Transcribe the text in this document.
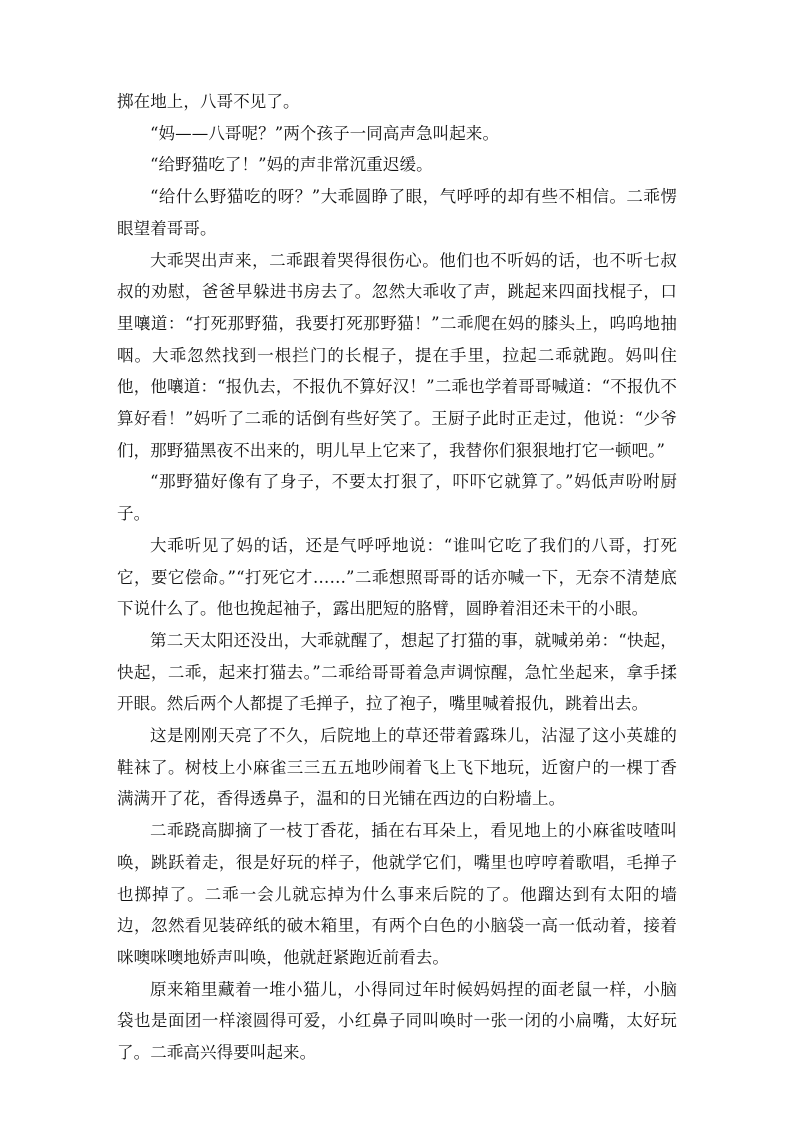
掷在地上，八哥不见了。

“妈——八哥呢？”两个孩子一同高声急叫起来。

“给野猫吃了！”妈的声非常沉重迟缓。

“给什么野猫吃的呀？”大乖圆睁了眼，气呼呼的却有些不相信。二乖愣眼望着哥哥。

大乖哭出声来，二乖跟着哭得很伤心。他们也不听妈的话，也不听七叔叔的劝慰，爸爸早躲进书房去了。忽然大乖收了声，跳起来四面找棍子，口里嚷道：“打死那野猫，我要打死那野猫！”二乖爬在妈的膝头上，呜呜地抽咽。大乖忽然找到一根拦门的长棍子，提在手里，拉起二乖就跑。妈叫住他，他嚷道：“报仇去，不报仇不算好汉！”二乖也学着哥哥喊道：“不报仇不算好看！”妈听了二乖的话倒有些好笑了。王厨子此时正走过，他说：“少爷们，那野猫黑夜不出来的，明儿早上它来了，我替你们狠狠地打它一顿吧。”

“那野猫好像有了身子，不要太打狠了，吓吓它就算了。”妈低声吩咐厨子。

大乖听见了妈的话，还是气呼呼地说：“谁叫它吃了我们的八哥，打死它，要它偿命。”“打死它才……”二乖想照哥哥的话亦喊一下，无奈不清楚底下说什么了。他也挽起袖子，露出肥短的胳臂，圆睁着泪还未干的小眼。

第二天太阳还没出，大乖就醒了，想起了打猫的事，就喊弟弟：“快起，快起，二乖，起来打猫去。”二乖给哥哥着急声调惊醒，急忙坐起来，拿手揉开眼。然后两个人都提了毛掸子，拉了袍子，嘴里喊着报仇，跳着出去。

这是刚刚天亮了不久，后院地上的草还带着露珠儿，沾湿了这小英雄的鞋袜了。树枝上小麻雀三三五五地吵闹着飞上飞下地玩，近窗户的一棵丁香满满开了花，香得透鼻子，温和的日光铺在西边的白粉墙上。

二乖跷高脚摘了一枝丁香花，插在右耳朵上，看见地上的小麻雀吱喳叫唤，跳跃着走，很是好玩的样子，他就学它们，嘴里也哼哼着歌唱，毛掸子也掷掉了。二乖一会儿就忘掉为什么事来后院的了。他蹓达到有太阳的墙边，忽然看见装碎纸的破木箱里，有两个白色的小脑袋一高一低动着，接着咪噢咪噢地娇声叫唤，他就赶紧跑近前看去。

原来箱里藏着一堆小猫儿，小得同过年时候妈妈捏的面老鼠一样，小脑袋也是面团一样滚圆得可爱，小红鼻子同叫唤时一张一闭的小扁嘴，太好玩了。二乖高兴得要叫起来。
